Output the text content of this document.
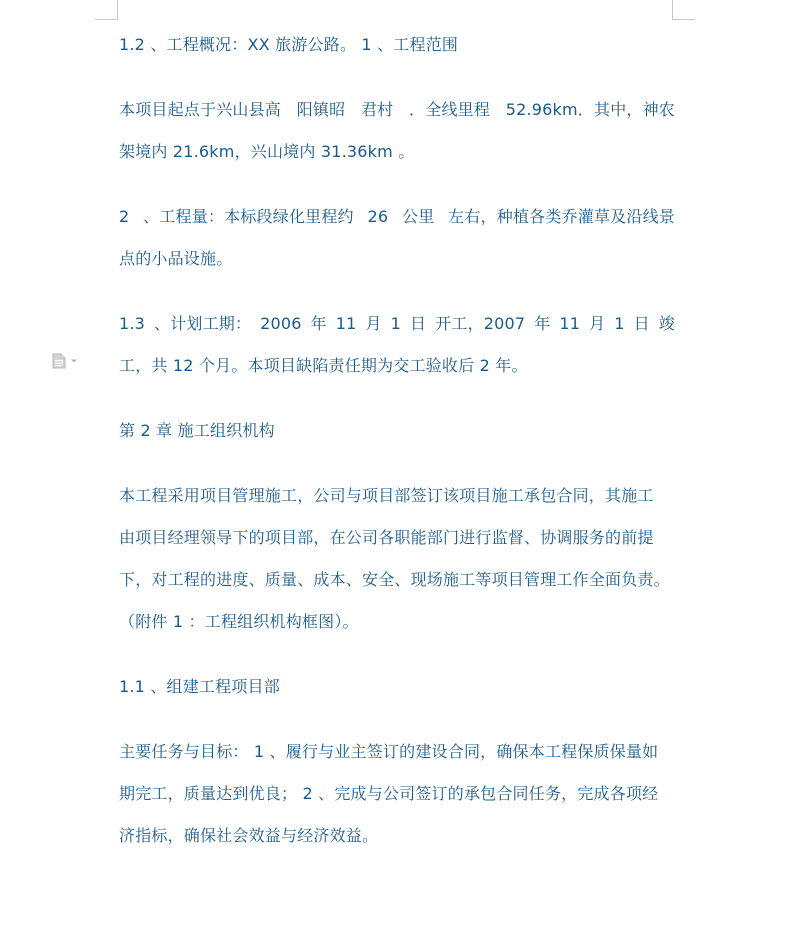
1.2 、工程概况：XX 旅游公路。 1 、工程范围
本项目起点于兴山县高 阳镇昭 君村 ．全线里程 52.96km．其中，神农
架境内 21.6km，兴山境内 31.36km 。
2 、工程量：本标段绿化里程约 26 公里 左右，种植各类乔灌草及沿线景
点的小品设施。
1.3 、计划工期： 2006 年 11 月 1 日 开工，2007 年 11 月 1 日 竣
工，共 12 个月。本项目缺陷责任期为交工验收后 2 年。
第 2 章 施工组织机构
本工程采用项目管理施工，公司与项目部签订该项目施工承包合同，其施工
由项目经理领导下的项目部，在公司各职能部门进行监督、协调服务的前提
下，对工程的进度、质量、成本、安全、现场施工等项目管理工作全面负责。
（附件 1 ：工程组织机构框图）。
1.1 、组建工程项目部
主要任务与目标： 1 、履行与业主签订的建设合同，确保本工程保质保量如
期完工，质量达到优良； 2 、完成与公司签订的承包合同任务，完成各项经
济指标，确保社会效益与经济效益。
